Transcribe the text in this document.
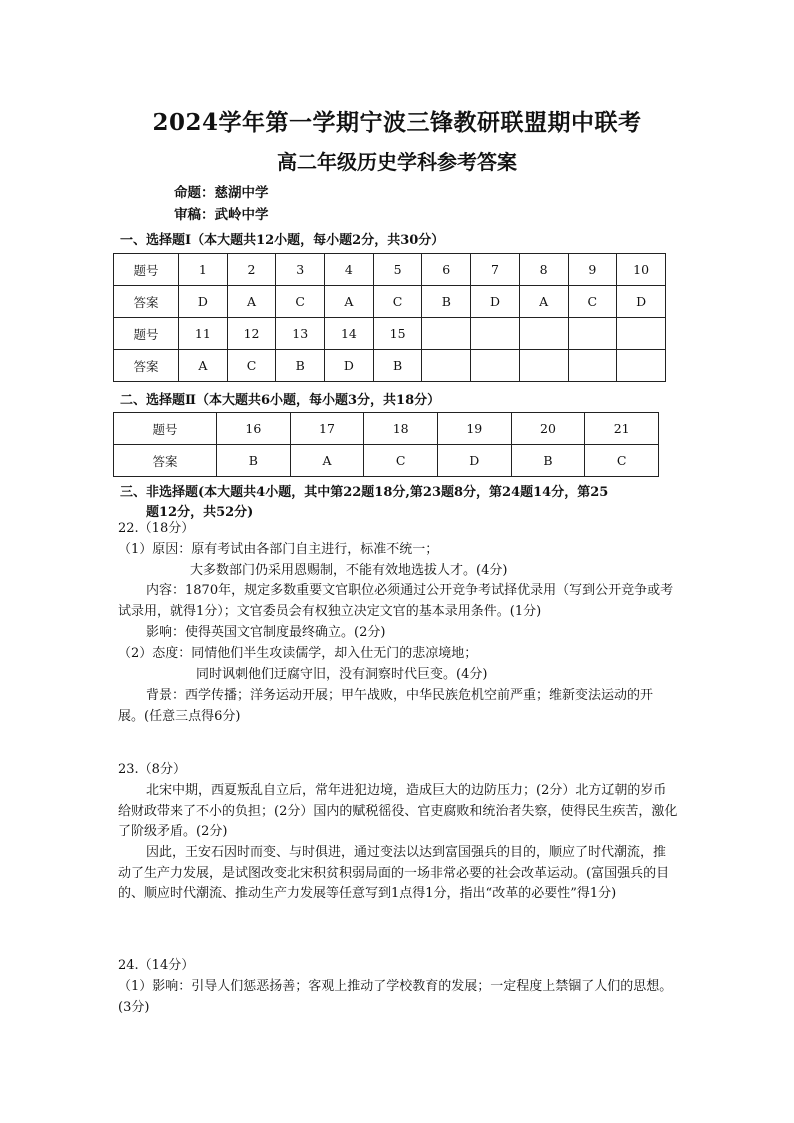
2024学年第一学期宁波三锋教研联盟期中联考
高二年级历史学科参考答案
命题：慈湖中学
审稿：武岭中学
一、选择题Ⅰ（本大题共12小题，每小题2分，共30分）
题号	1	2	3	4	5	6	7	8	9	10
答案	D	A	C	A	C	B	D	A	C	D
题号	11	12	13	14	15					
答案	A	C	B	D	B					
二、选择题Ⅱ（本大题共6小题，每小题3分，共18分）
题号	16	17	18	19	20	21
答案	B	A	C	D	B	C
三、非选择题(本大题共4小题，其中第22题18分,第23题8分，第24题14分，第25
题12分，共52分)

22.（18分）

（1）原因：原有考试由各部门自主进行，标准不统一；

大多数部门仍采用恩赐制，不能有效地选拔人才。(4分)

内容：1870年，规定多数重要文官职位必须通过公开竞争考试择优录用（写到公开竞争或考试录用，就得1分）；文官委员会有权独立决定文官的基本录用条件。(1分)

影响：使得英国文官制度最终确立。(2分)

（2）态度：同情他们半生攻读儒学，却入仕无门的悲凉境地；

同时讽刺他们迂腐守旧，没有洞察时代巨变。(4分)

背景：西学传播；洋务运动开展；甲午战败，中华民族危机空前严重；维新变法运动的开展。(任意三点得6分)

23.（8分）

北宋中期，西夏叛乱自立后，常年进犯边境，造成巨大的边防压力；(2分）北方辽朝的岁币给财政带来了不小的负担；(2分）国内的赋税徭役、官吏腐败和统治者失察，使得民生疾苦，激化了阶级矛盾。(2分)

因此，王安石因时而变、与时俱进，通过变法以达到富国强兵的目的，顺应了时代潮流，推动了生产力发展，是试图改变北宋积贫积弱局面的一场非常必要的社会改革运动。(富国强兵的目的、顺应时代潮流、推动生产力发展等任意写到1点得1分，指出“改革的必要性”得1分)

24.（14分）

（1）影响：引导人们惩恶扬善；客观上推动了学校教育的发展；一定程度上禁锢了人们的思想。(3分)
